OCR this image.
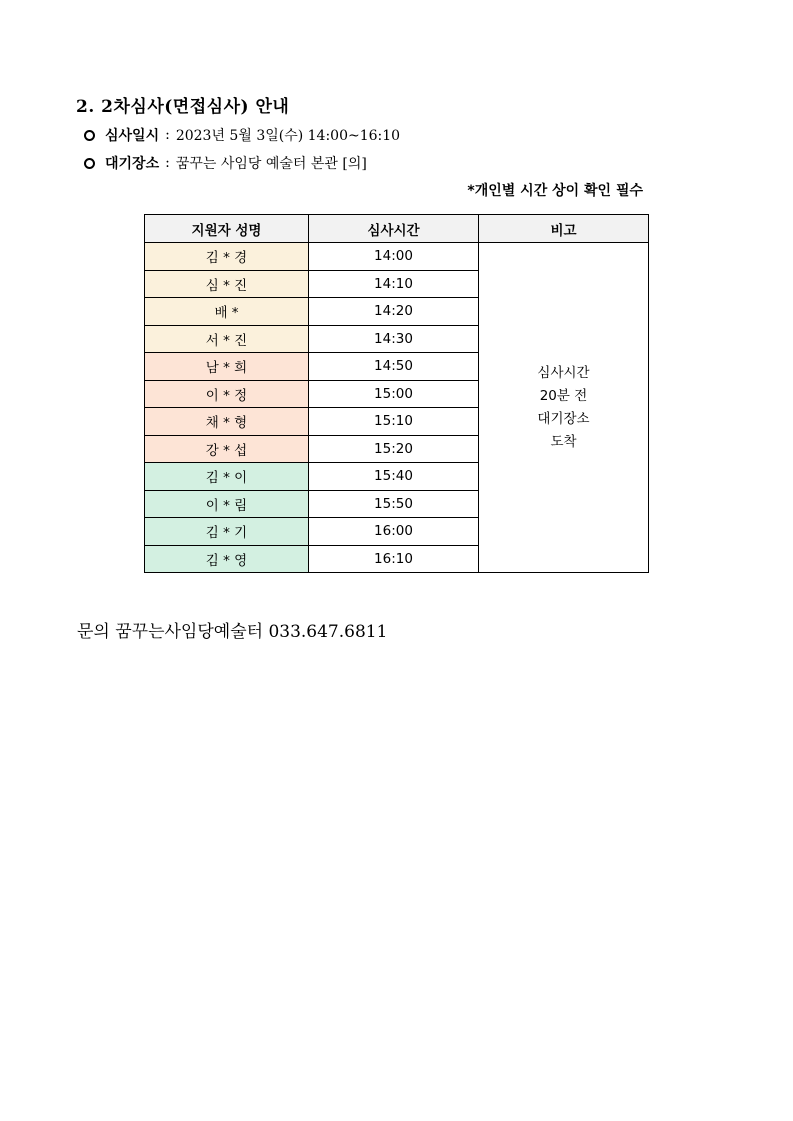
2. 2차심사(면접심사) 안내
심사일시 : 2023년 5월 3일(수) 14:00~16:10
대기장소 : 꿈꾸는 사임당 예술터 본관 [의]
*개인별 시간 상이 확인 필수
지원자 성명	심사시간	비고
김 * 경	14:00	심사시간
20분 전
대기장소
도착

심 * 진	14:10	
배 *	14:20	
서 * 진	14:30	
남 * 희	14:50	
이 * 정	15:00	
채 * 형	15:10	
강 * 섭	15:20	
김 * 이	15:40	
이 * 림	15:50	
김 * 기	16:00	
김 * 영	16:10	
문의 꿈꾸는사임당예술터 033.647.6811
